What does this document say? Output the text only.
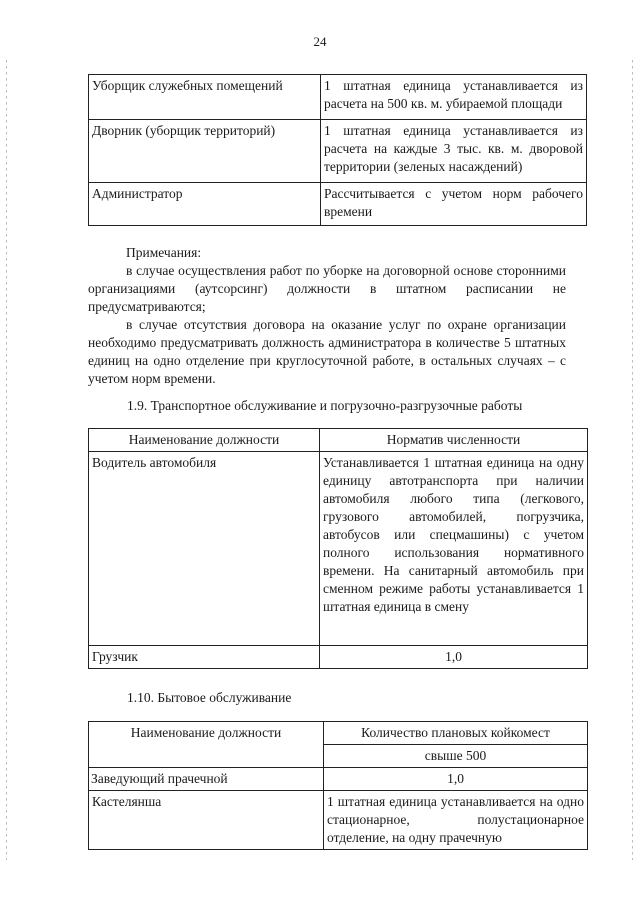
24
Уборщик служебных помещений	1 штатная единица устанавливается из расчета на 500 кв. м. убираемой площади
Дворник (уборщик территорий)	1 штатная единица устанавливается из расчета на каждые 3 тыс. кв. м. дворовой территории (зеленых насаждений)
Администратор	Рассчитывается с учетом норм рабочего времени

Примечания:

в случае осуществления работ по уборке на договорной основе сторонними организациями (аутсорсинг) должности в штатном расписании не предусматриваются;

в случае отсутствия договора на оказание услуг по охране организации необходимо предусматривать должность администратора в количестве 5 штатных единиц на одно отделение при круглосуточной работе, в остальных случаях – с учетом норм времени.

1.9. Транспортное обслуживание и погрузочно-разгрузочные работы
Наименование должности	Норматив численности
Водитель автомобиля	Устанавливается 1 штатная единица на одну единицу автотранспорта при наличии автомобиля любого типа (легкового, грузового автомобилей, погрузчика, автобусов или спецмашины) с учетом полного использования нормативного времени. На санитарный автомобиль при сменном режиме работы устанавливается 1 штатная единица в смену
Грузчик	1,0
1.10. Бытовое обслуживание
Наименование должности	Количество плановых койкомест
	свыше 500
Заведующий прачечной	1,0
Кастелянша	1 штатная единица устанавливается на одно стационарное, полустационарное отделение, на одну прачечную
